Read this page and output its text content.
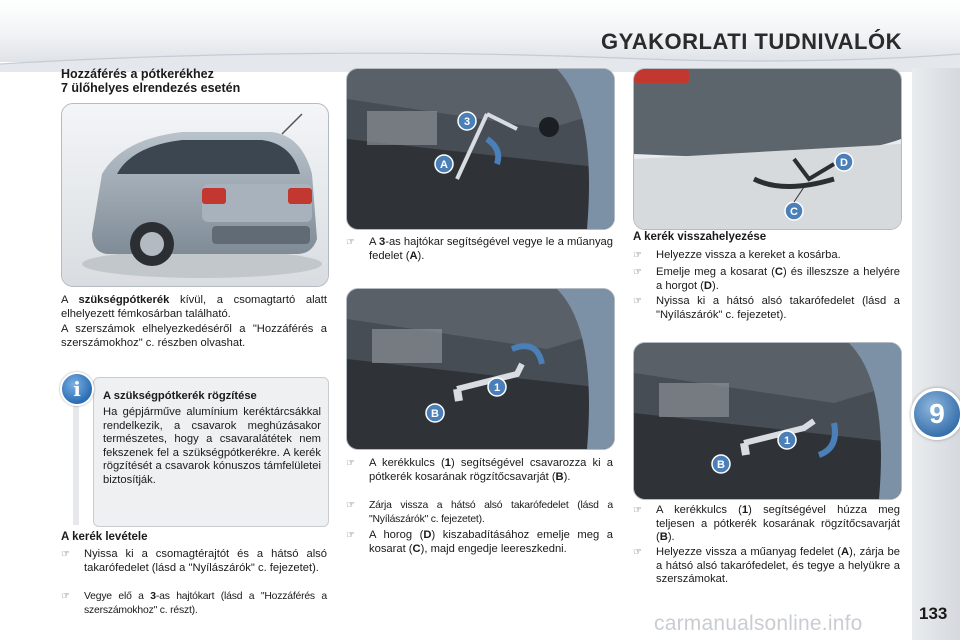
GYAKORLATI TUDNIVALÓK
9
Hozzáférés a pótkerékhez
7 ülőhelyes elrendezés esetén
A szükségpótkerék kívül, a csomagtartó alatt elhelyezett fémkosárban található.
A szerszámok elhelyezkedéséről a "Hozzáférés a szerszámokhoz" c. részben olvashat.
i	A szükségpótkerék rögzítése
Ha gépjárműve alumínium keréktárcsákkal rendelkezik, a csavarok meghúzásakor természetes, hogy a csavaralátétek nem fekszenek fel a szükségpótkerékre. A kerék rögzítését a csavarok kónuszos támfelületei biztosítják.
A kerék levétele
☞ Nyissa ki a csomagtérajtót és a hátsó alsó takarófedelet (lásd a "Nyílászárók" c. fejezetet).
☞ Vegye elő a 3-as hajtókart (lásd a "Hozzáférés a szerszámokhoz" c. részt).
3
A
☞ A 3-as hajtókar segítségével vegye le a műanyag fedelet (A).
1
B
☞ A kerékkulcs (1) segítségével csavarozza ki a pótkerék kosarának rögzítőcsavarját (B).
☞ Zárja vissza a hátsó alsó takarófedelet (lásd a "Nyílászárók" c. fejezetet).
☞ A horog (D) kiszabadításához emelje meg a kosarat (C), majd engedje leereszkedni.
D
C
A kerék visszahelyezése
☞ Helyezze vissza a kereket a kosárba.
☞ Emelje meg a kosarat (C) és illeszsze a helyére a horgot (D).
☞ Nyissa ki a hátsó alsó takarófedelet (lásd a "Nyílászárók" c. fejezetet).
1
B
☞ A kerékkulcs (1) segítségével húzza meg teljesen a pótkerék kosarának rögzítőcsavarját (B).
☞ Helyezze vissza a műanyag fedelet (A), zárja be a hátsó alsó takarófedelet, és tegye a helyükre a szerszámokat.
carmanualsonline.info	133
